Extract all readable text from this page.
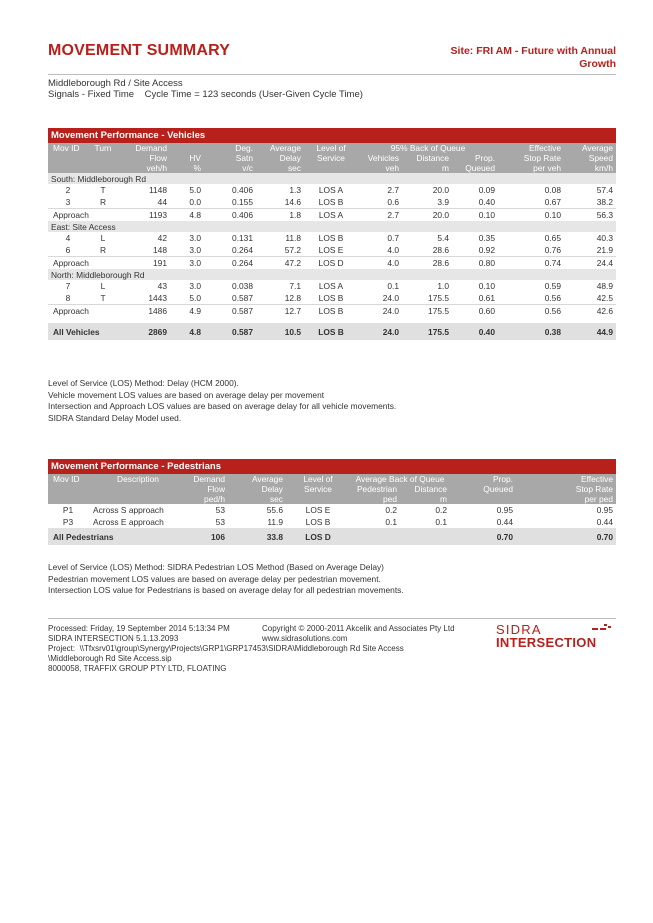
MOVEMENT SUMMARY	Site: FRI AM - Future with Annual
Growth
Middleborough Rd / Site Access
Signals - Fixed Time    Cycle Time = 123 seconds (User-Given Cycle Time)
Movement Performance - Vehicles											
Mov ID	Turn	Demand		Deg.	Average	Level of	95% Back of Queue			Effective	Average
		Flow	HV	Satn	Delay	Service	Vehicles	Distance	Prop.	Stop Rate	Speed
		veh/h	%	v/c	sec		veh	m	Queued	per veh	km/h
South: Middleborough Rd											
2	T	1148	5.0	0.406	1.3	LOS A	2.7	20.0	0.09	0.08	57.4
3	R	44	0.0	0.155	14.6	LOS B	0.6	3.9	0.40	0.67	38.2
Approach		1193	4.8	0.406	1.8	LOS A	2.7	20.0	0.10	0.10	56.3
East: Site Access											
4	L	42	3.0	0.131	11.8	LOS B	0.7	5.4	0.35	0.65	40.3
6	R	148	3.0	0.264	57.2	LOS E	4.0	28.6	0.92	0.76	21.9
Approach		191	3.0	0.264	47.2	LOS D	4.0	28.6	0.80	0.74	24.4
North: Middleborough Rd											
7	L	43	3.0	0.038	7.1	LOS A	0.1	1.0	0.10	0.59	48.9
8	T	1443	5.0	0.587	12.8	LOS B	24.0	175.5	0.61	0.56	42.5
Approach		1486	4.9	0.587	12.7	LOS B	24.0	175.5	0.60	0.56	42.6

All Vehicles		2869	4.8	0.587	10.5	LOS B	24.0	175.5	0.40	0.38	44.9
Level of Service (LOS) Method: Delay (HCM 2000).
Vehicle movement LOS values are based on average delay per movement
Intersection and Approach LOS values are based on average delay for all vehicle movements.
SIDRA Standard Delay Model used.
Movement Performance - Pedestrians								
Mov ID	Description	Demand	Average	Level of	Average Back of Queue		Prop.	Effective
		Flow	Delay	Service	Pedestrian	Distance	Queued	Stop Rate
		ped/h	sec		ped	m		per ped
P1	Across S approach	53	55.6	LOS E	0.2	0.2	0.95	0.95
P3	Across E approach	53	11.9	LOS B	0.1	0.1	0.44	0.44
All Pedestrians		106	33.8	LOS D			0.70	0.70
Level of Service (LOS) Method: SIDRA Pedestrian LOS Method (Based on Average Delay)
Pedestrian movement LOS values are based on average delay per pedestrian movement.
Intersection LOS value for Pedestrians is based on average delay for all pedestrian movements.
Processed: Friday, 19 September 2014 5:13:34 PM
SIDRA INTERSECTION 5.1.13.2093
Copyright © 2000-2011 Akcelik and Associates Pty Ltd
www.sidrasolutions.com
Project:  \\Tfxsrv01\group\Synergy\Projects\GRP1\GRP17453\SIDRA\Middleborough Rd Site Access
\Middleborough Rd Site Access.sip
8000058, TRAFFIX GROUP PTY LTD, FLOATING
SIDRA
INTERSECTION
